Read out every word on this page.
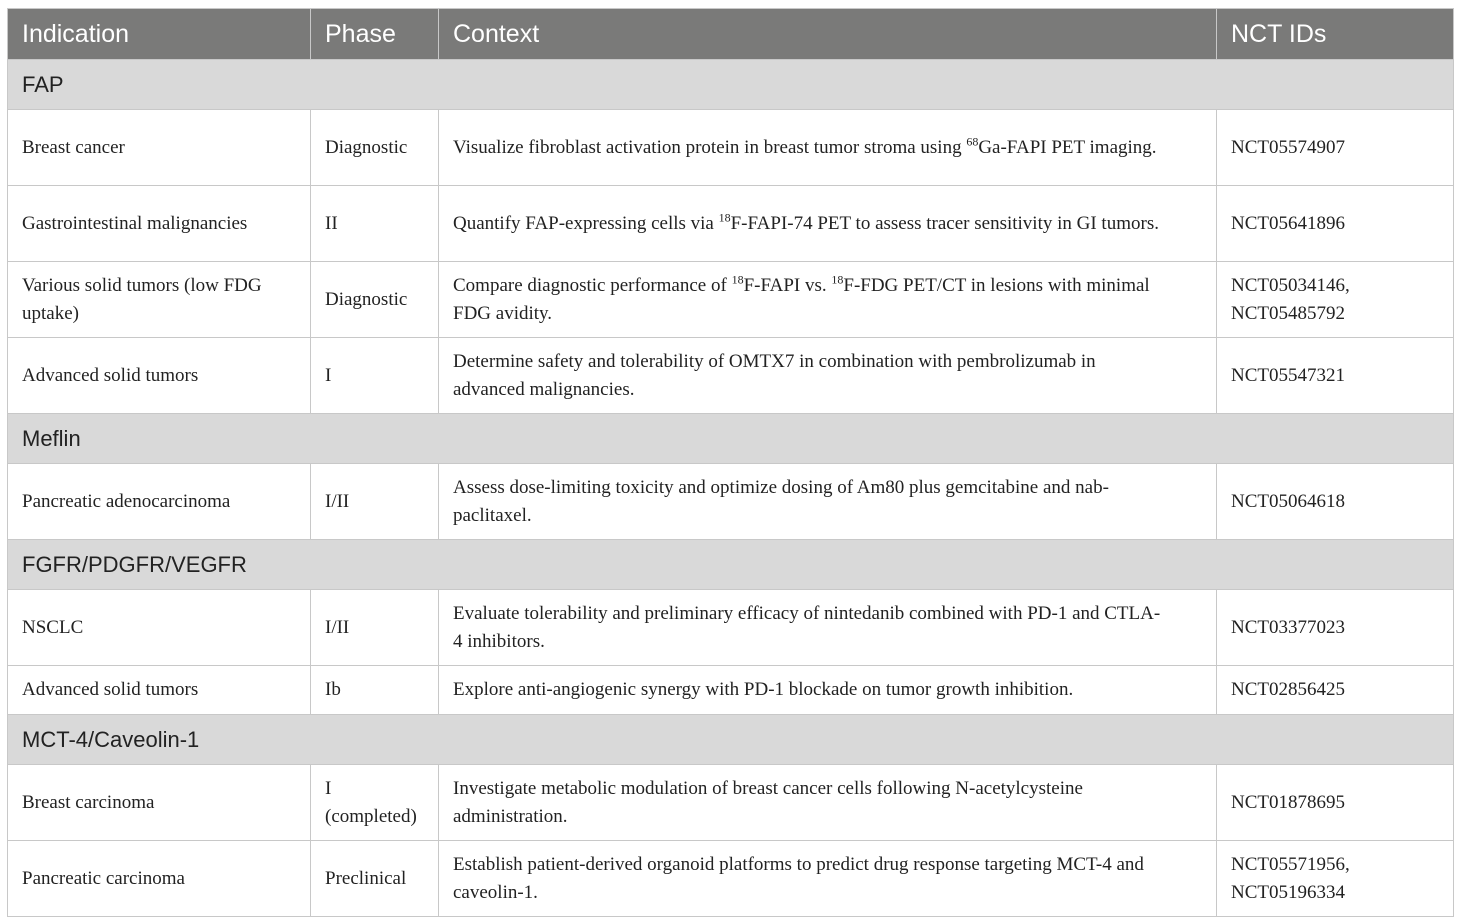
Indication	Phase	Context	NCT IDs
FAP			
Breast cancer	Diagnostic	Visualize fibroblast activation protein in breast tumor stroma using $^{68}$Ga-FAPI PET imaging.	NCT05574907
Gastrointestinal malignancies	II	Quantify FAP-expressing cells via $^{18}$F-FAPI-74 PET to assess tracer sensitivity in GI tumors.	NCT05641896
Various solid tumors (low FDG uptake)	Diagnostic	Compare diagnostic performance of $^{18}$F-FAPI vs. $^{18}$F-FDG PET/CT in lesions with minimal FDG avidity.	NCT05034146, NCT05485792
Advanced solid tumors	I	Determine safety and tolerability of OMTX7 in combination with pembrolizumab in advanced malignancies.	NCT05547321
Meflin			
Pancreatic adenocarcinoma	I/II	Assess dose-limiting toxicity and optimize dosing of Am80 plus gemcitabine and nab-paclitaxel.	NCT05064618
FGFR/PDGFR/VEGFR			
NSCLC	I/II	Evaluate tolerability and preliminary efficacy of nintedanib combined with PD-1 and CTLA-4 inhibitors.	NCT03377023
Advanced solid tumors	Ib	Explore anti-angiogenic synergy with PD-1 blockade on tumor growth inhibition.	NCT02856425
MCT-4/Caveolin-1			
Breast carcinoma	I (completed)	Investigate metabolic modulation of breast cancer cells following N-acetylcysteine administration.	NCT01878695
Pancreatic carcinoma	Preclinical	Establish patient-derived organoid platforms to predict drug response targeting MCT-4 and caveolin-1.	NCT05571956, NCT05196334
